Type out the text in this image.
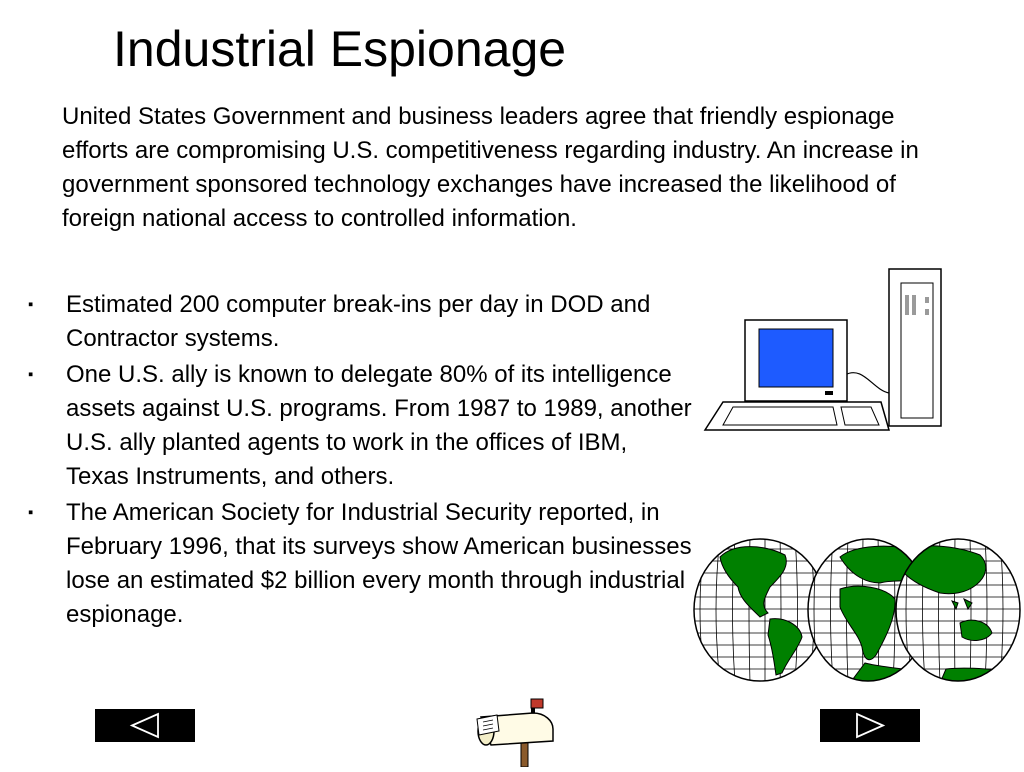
Industrial Espionage

United States Government and business leaders agree that friendly espionage efforts are compromising U.S. competitiveness regarding industry. An increase in government sponsored technology exchanges have increased the likelihood of foreign national access to controlled information.

▪ Estimated 200 computer break-ins per day in DOD and Contractor systems.
▪ One U.S. ally is known to delegate 80% of its intelligence assets against U.S. programs. From 1987 to 1989, another U.S. ally planted agents to work in the offices of IBM, Texas Instruments, and others.
▪ The American Society for Industrial Security reported, in February 1996, that its surveys show American businesses lose an estimated $2 billion every month through industrial espionage.
